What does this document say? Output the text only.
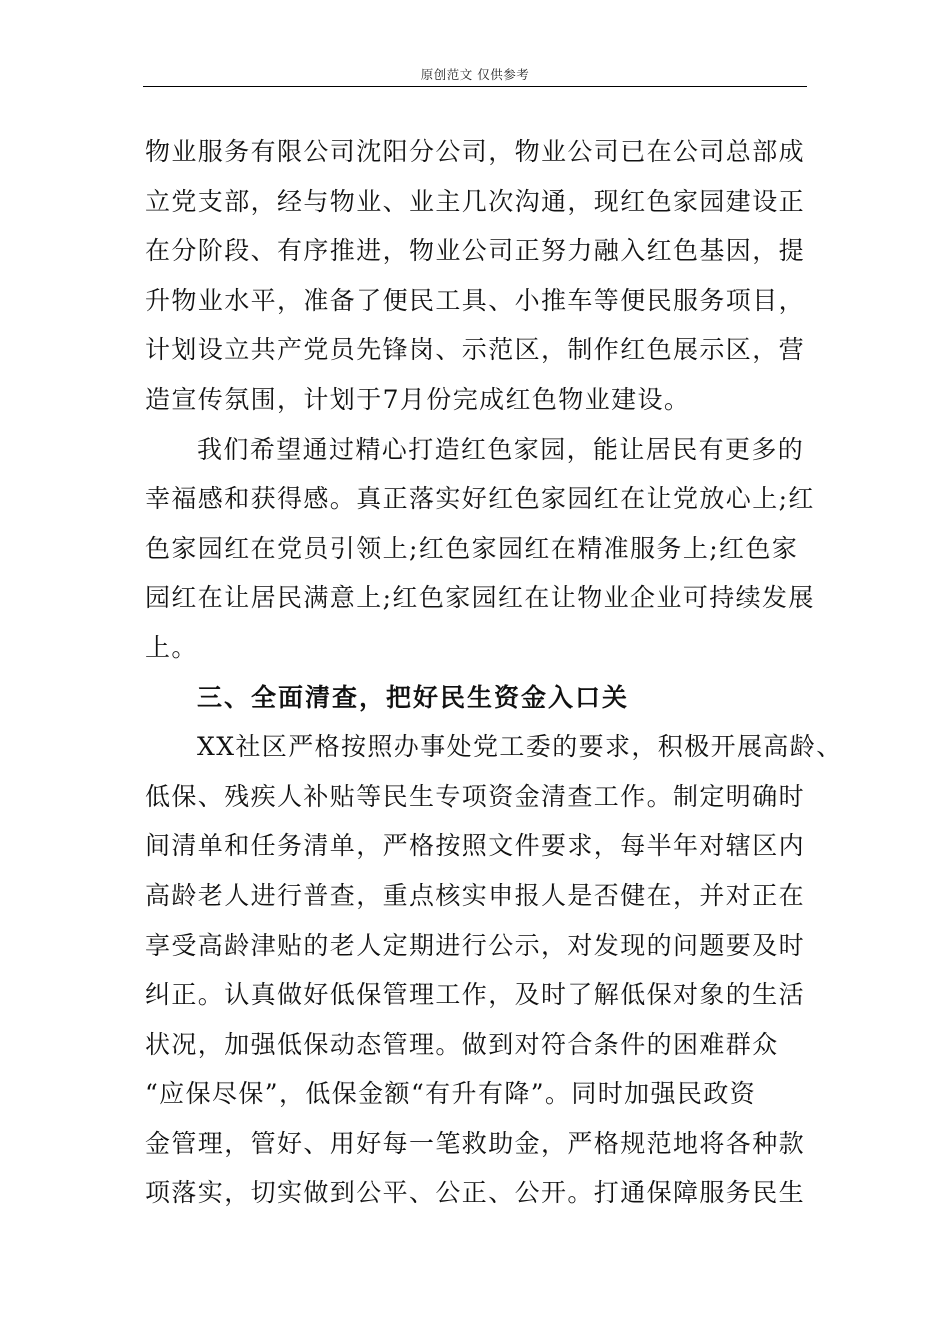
原创范文 仅供参考
物业服务有限公司沈阳分公司，物业公司已在公司总部成
立党支部，经与物业、业主几次沟通，现红色家园建设正
在分阶段、有序推进，物业公司正努力融入红色基因，提
升物业水平，准备了便民工具、小推车等便民服务项目，
计划设立共产党员先锋岗、示范区，制作红色展示区，营
造宣传氛围，计划于7月份完成红色物业建设。
我们希望通过精心打造红色家园，能让居民有更多的
幸福感和获得感。真正落实好红色家园红在让党放心上;红
色家园红在党员引领上;红色家园红在精准服务上;红色家
园红在让居民满意上;红色家园红在让物业企业可持续发展
上。
三、全面清查，把好民生资金入口关
XX社区严格按照办事处党工委的要求，积极开展高龄、
低保、残疾人补贴等民生专项资金清查工作。制定明确时
间清单和任务清单，严格按照文件要求，每半年对辖区内
高龄老人进行普查，重点核实申报人是否健在，并对正在
享受高龄津贴的老人定期进行公示，对发现的问题要及时
纠正。认真做好低保管理工作，及时了解低保对象的生活
状况，加强低保动态管理。做到对符合条件的困难群众
“应保尽保”，低保金额“有升有降”。同时加强民政资
金管理，管好、用好每一笔救助金，严格规范地将各种款
项落实，切实做到公平、公正、公开。打通保障服务民生
